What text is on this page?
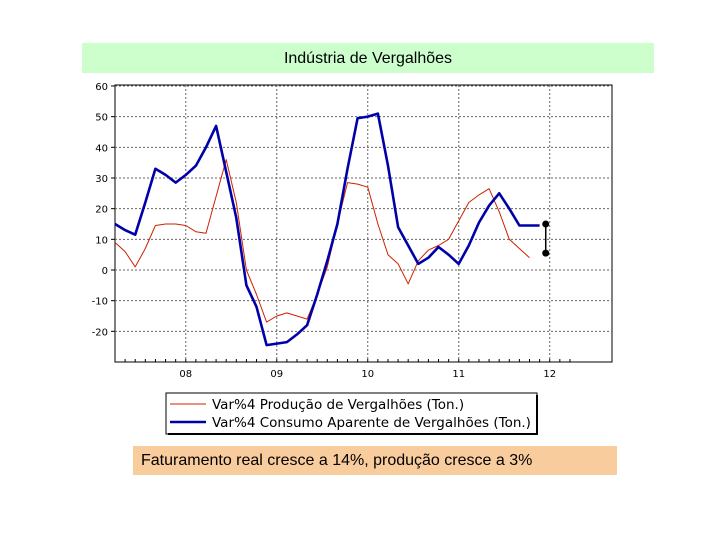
Indústria de Vergalhões
60
50
40
30
20
10
0
-10
-20
08	09	10	11	12
Var%4 Produção de Vergalhões (Ton.)
Var%4 Consumo Aparente de Vergalhões (Ton.)
Faturamento real cresce a 14%, produção cresce a 3%
